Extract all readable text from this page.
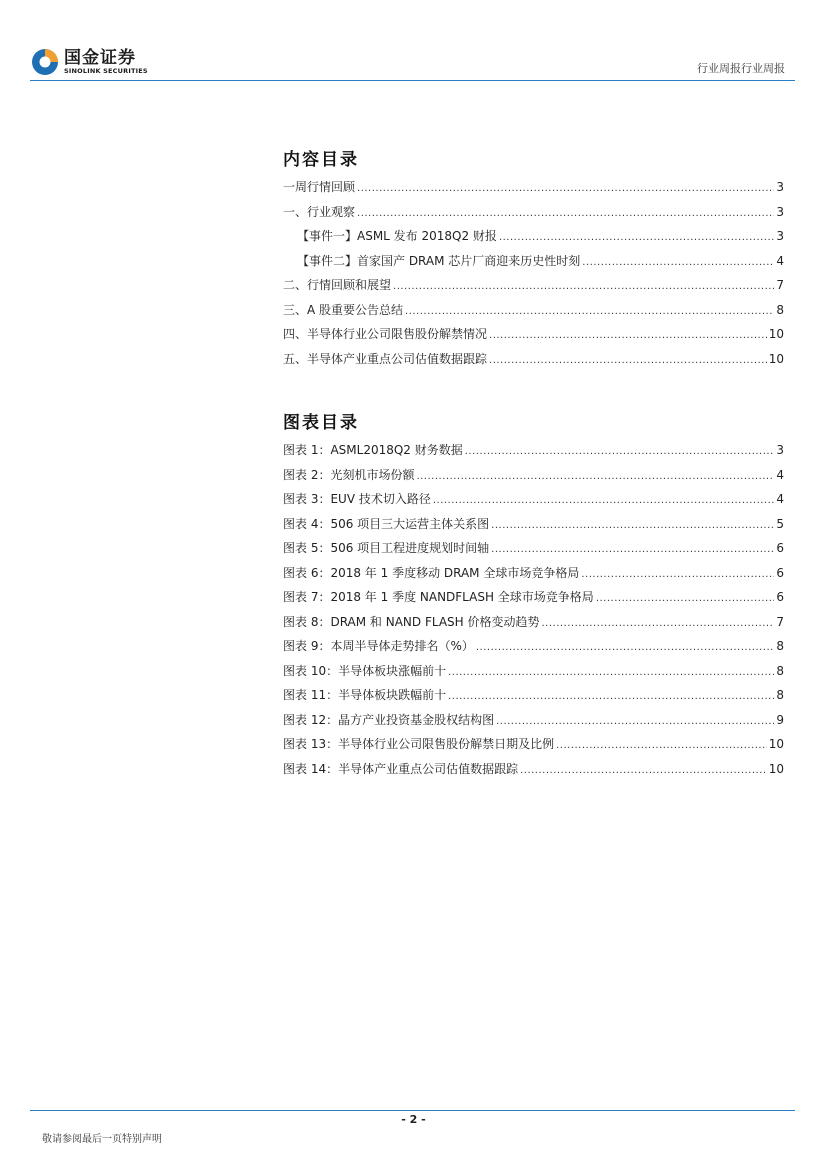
国金证券
SINOLINK SECURITIES	行业周报行业周报
内容目录
一周行情回顾 .....	3
一、行业观察 .....	3
【事件一】ASML 发布 2018Q2 财报 .....	3
【事件二】首家国产 DRAM 芯片厂商迎来历史性时刻 .....	4
二、行情回顾和展望 .....	7
三、A 股重要公告总结 .....	8
四、半导体行业公司限售股份解禁情况 .....	10
五、半导体产业重点公司估值数据跟踪 .....	10
图表目录
图表 1：ASML2018Q2 财务数据 .....	3
图表 2：光刻机市场份额 .....	4
图表 3：EUV 技术切入路径 .....	4
图表 4：506 项目三大运营主体关系图 .....	5
图表 5：506 项目工程进度规划时间轴 .....	6
图表 6：2018 年 1 季度移动 DRAM 全球市场竞争格局 .....	6
图表 7：2018 年 1 季度 NANDFLASH 全球市场竞争格局 .....	6
图表 8：DRAM 和 NAND FLASH 价格变动趋势 .....	7
图表 9：本周半导体走势排名（%） .....	8
图表 10：半导体板块涨幅前十 .....	8
图表 11：半导体板块跌幅前十 .....	8
图表 12：晶方产业投资基金股权结构图 .....	9
图表 13：半导体行业公司限售股份解禁日期及比例 .....	10
图表 14：半导体产业重点公司估值数据跟踪 .....	10
- 2 -
敬请参阅最后一页特别声明
